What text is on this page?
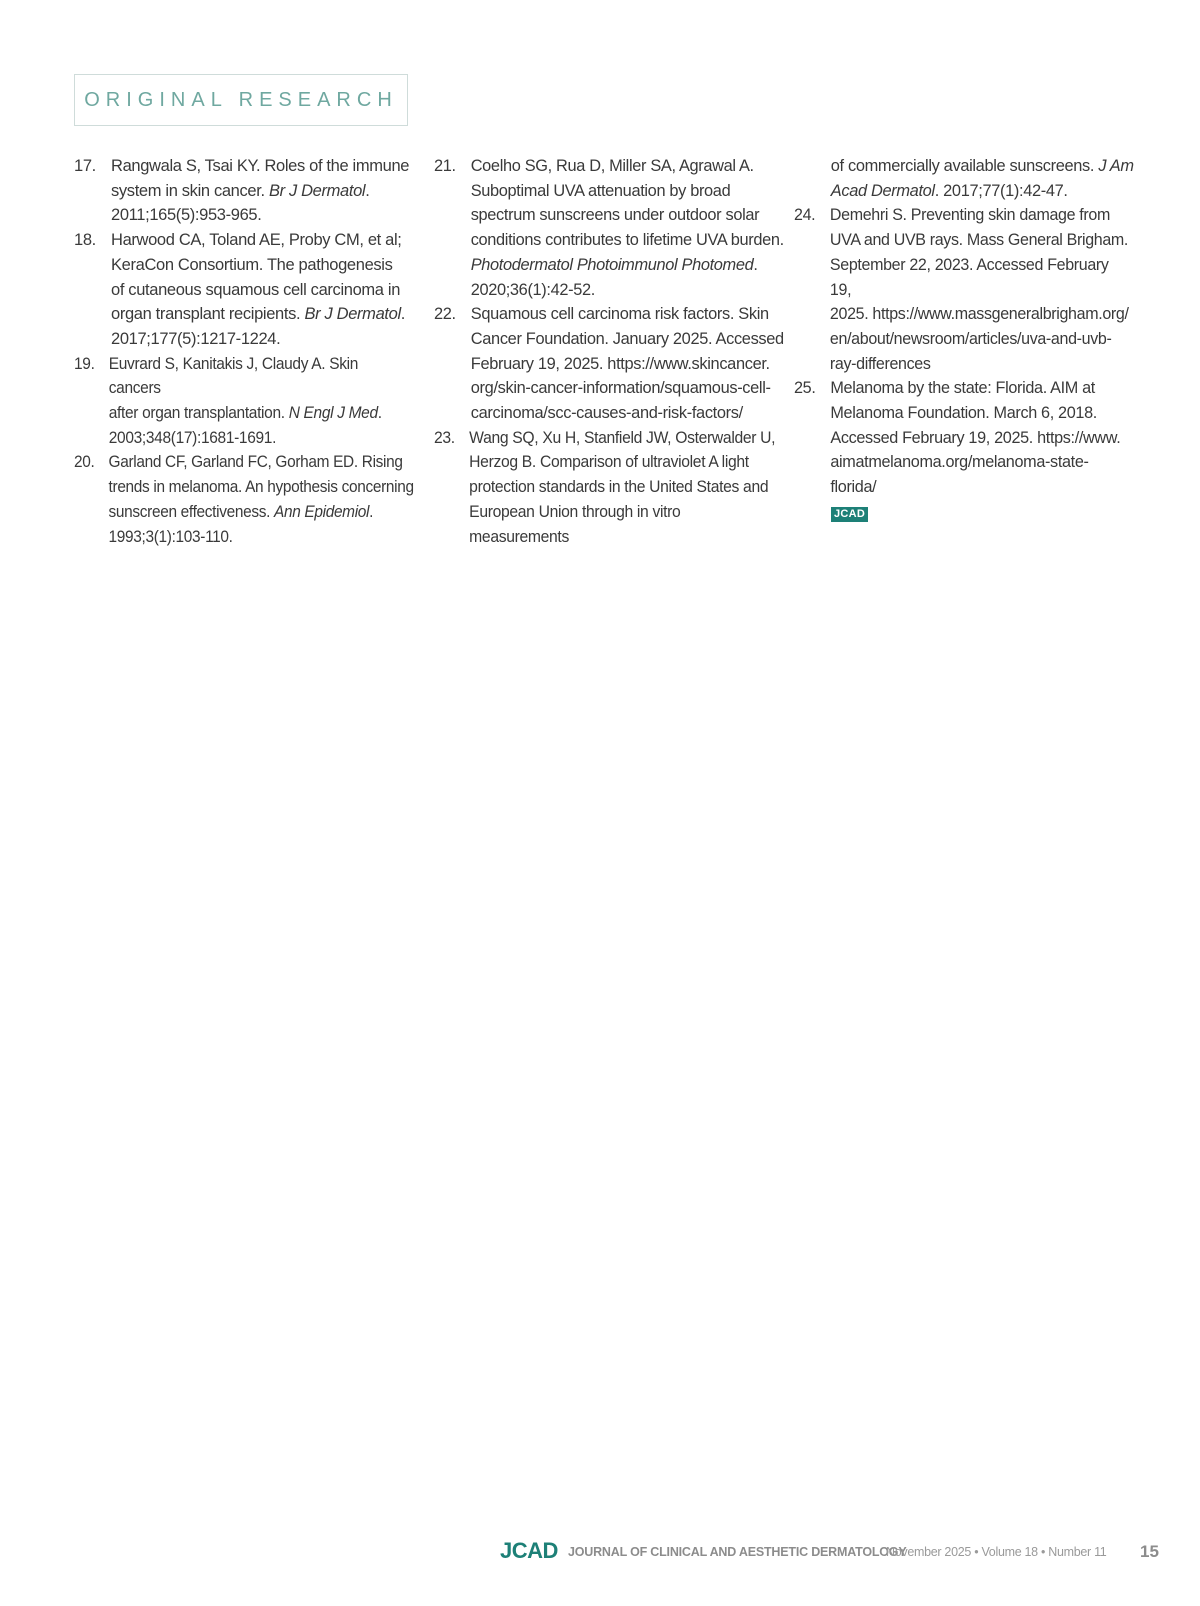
ORIGINAL RESEARCH
17. Rangwala S, Tsai KY. Roles of the immune
system in skin cancer. Br J Dermatol.
2011;165(5):953-965.
18. Harwood CA, Toland AE, Proby CM, et al;
KeraCon Consortium. The pathogenesis
of cutaneous squamous cell carcinoma in
organ transplant recipients. Br J Dermatol.
2017;177(5):1217-1224.
19. Euvrard S, Kanitakis J, Claudy A. Skin cancers
after organ transplantation. N Engl J Med.
2003;348(17):1681-1691.
20. Garland CF, Garland FC, Gorham ED. Rising
trends in melanoma. An hypothesis concerning
sunscreen effectiveness. Ann Epidemiol.
1993;3(1):103-110.
21. Coelho SG, Rua D, Miller SA, Agrawal A.
Suboptimal UVA attenuation by broad
spectrum sunscreens under outdoor solar
conditions contributes to lifetime UVA burden.
Photodermatol Photoimmunol Photomed.
2020;36(1):42-52.
22. Squamous cell carcinoma risk factors. Skin
Cancer Foundation. January 2025. Accessed
February 19, 2025. https://www.skincancer.
org/skin-cancer-information/squamous-cell-
carcinoma/scc-causes-and-risk-factors/
23. Wang SQ, Xu H, Stanfield JW, Osterwalder U,
Herzog B. Comparison of ultraviolet A light
protection standards in the United States and
European Union through in vitro measurements
of commercially available sunscreens. J Am
Acad Dermatol. 2017;77(1):42-47.
24. Demehri S. Preventing skin damage from
UVA and UVB rays. Mass General Brigham.
September 22, 2023. Accessed February 19,
2025. https://www.massgeneralbrigham.org/
en/about/newsroom/articles/uva-and-uvb-
ray-differences
25. Melanoma by the state: Florida. AIM at
Melanoma Foundation. March 6, 2018.
Accessed February 19, 2025. https://www.
aimatmelanoma.org/melanoma-state-florida/
JCAD
JCAD JOURNAL OF CLINICAL AND AESTHETIC DERMATOLOGY
November 2025 • Volume 18 • Number 11 15
